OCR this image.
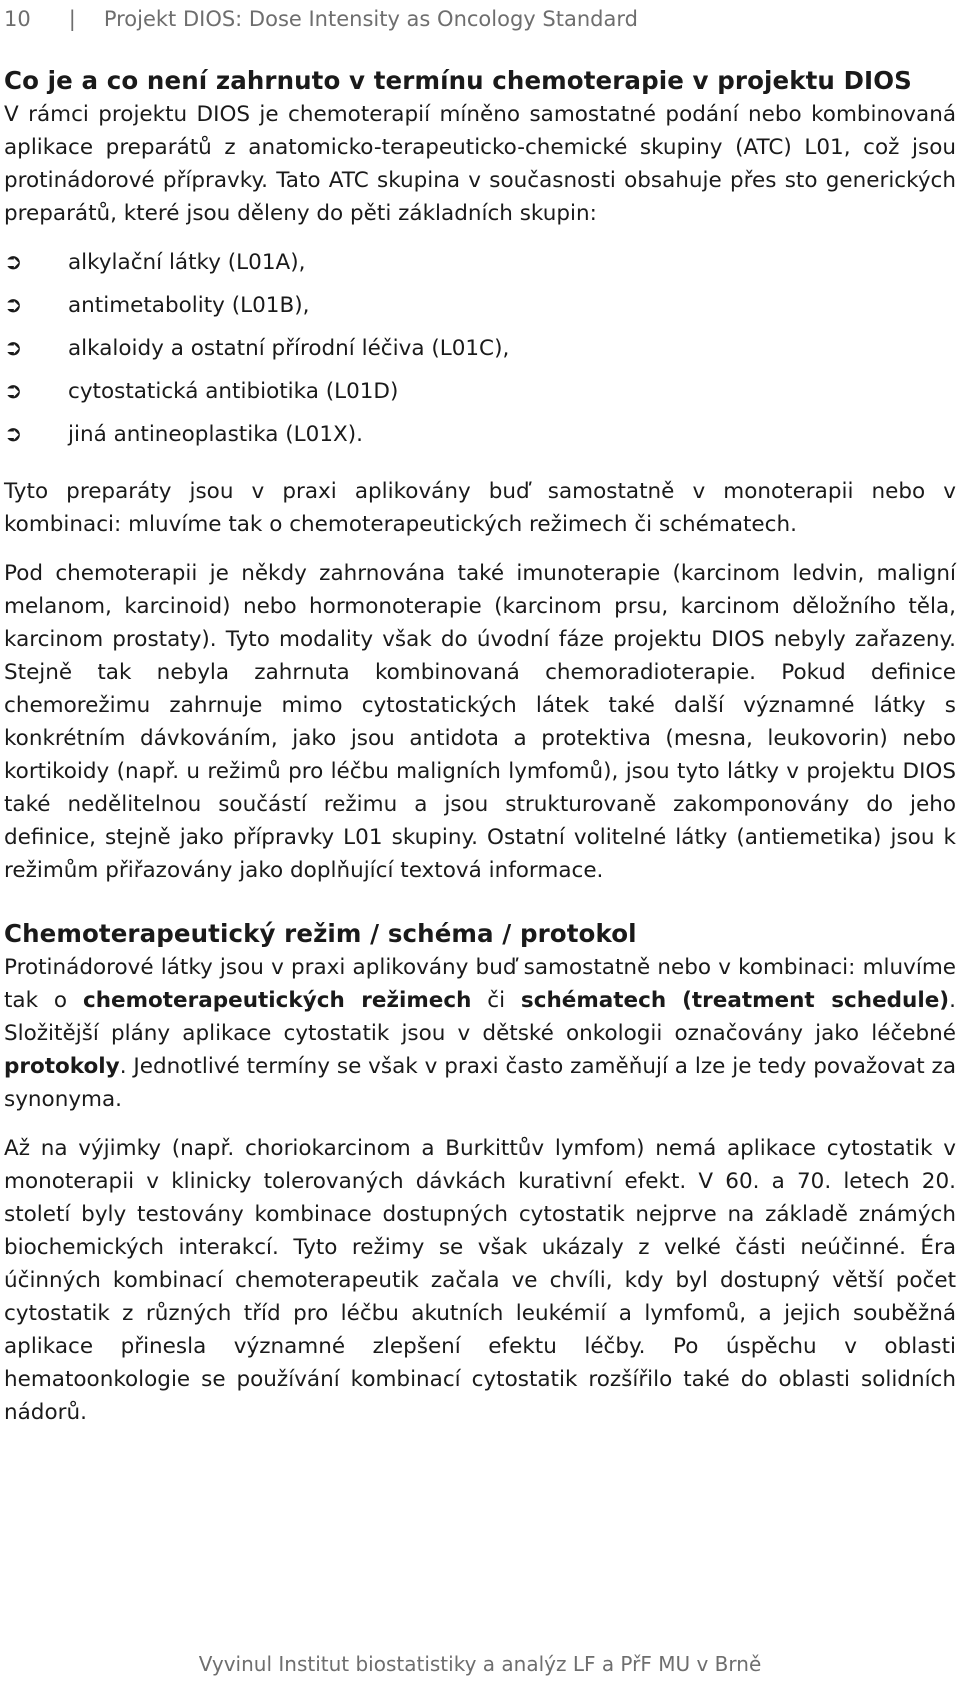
10 | Projekt DIOS: Dose Intensity as Oncology Standard
Co je a co není zahrnuto v termínu chemoterapie v projektu DIOS

V rámci projektu DIOS je chemoterapií míněno samostatné podání nebo kombinovaná aplikace preparátů z anatomicko-terapeuticko-chemické skupiny (ATC) L01, což jsou protinádorové přípravky. Tato ATC skupina v současnosti obsahuje přes sto generických preparátů, které jsou děleny do pěti základních skupin:

➲	alkylační látky (L01A),
➲	antimetabolity (L01B),
➲	alkaloidy a ostatní přírodní léčiva (L01C),
➲	cytostatická antibiotika (L01D)
➲	jiná antineoplastika (L01X).

Tyto preparáty jsou v praxi aplikovány buď samostatně v monoterapii nebo v kombinaci: mluvíme tak o chemoterapeutických režimech či schématech.

Pod chemoterapii je někdy zahrnována také imunoterapie (karcinom ledvin, maligní melanom, karcinoid) nebo hormonoterapie (karcinom prsu, karcinom děložního těla, karcinom prostaty). Tyto modality však do úvodní fáze projektu DIOS nebyly zařazeny. Stejně tak nebyla zahrnuta kombinovaná chemoradioterapie. Pokud definice chemorežimu zahrnuje mimo cytostatických látek také další významné látky s konkrétním dávkováním, jako jsou antidota a protektiva (mesna, leukovorin) nebo kortikoidy (např. u režimů pro léčbu maligních lymfomů), jsou tyto látky v projektu DIOS také nedělitelnou součástí režimu a jsou strukturovaně zakomponovány do jeho definice, stejně jako přípravky L01 skupiny. Ostatní volitelné látky (antiemetika) jsou k režimům přiřazovány jako doplňující textová informace.

Chemoterapeutický režim / schéma / protokol

Protinádorové látky jsou v praxi aplikovány buď samostatně nebo v kombinaci: mluvíme tak o chemoterapeutických režimech či schématech (treatment schedule). Složitější plány aplikace cytostatik jsou v dětské onkologii označovány jako léčebné protokoly. Jednotlivé termíny se však v praxi často zaměňují a lze je tedy považovat za synonyma.

Až na výjimky (např. choriokarcinom a Burkittův lymfom) nemá aplikace cytostatik v monoterapii v klinicky tolerovaných dávkách kurativní efekt. V 60. a 70. letech 20. století byly testovány kombinace dostupných cytostatik nejprve na základě známých biochemických interakcí. Tyto režimy se však ukázaly z velké části neúčinné. Éra účinných kombinací chemoterapeutik začala ve chvíli, kdy byl dostupný větší počet cytostatik z různých tříd pro léčbu akutních leukémií a lymfomů, a jejich souběžná aplikace přinesla významné zlepšení efektu léčby. Po úspěchu v oblasti hematoonkologie se používání kombinací cytostatik rozšířilo také do oblasti solidních nádorů.

Vyvinul Institut biostatistiky a analýz LF a PřF MU v Brně
